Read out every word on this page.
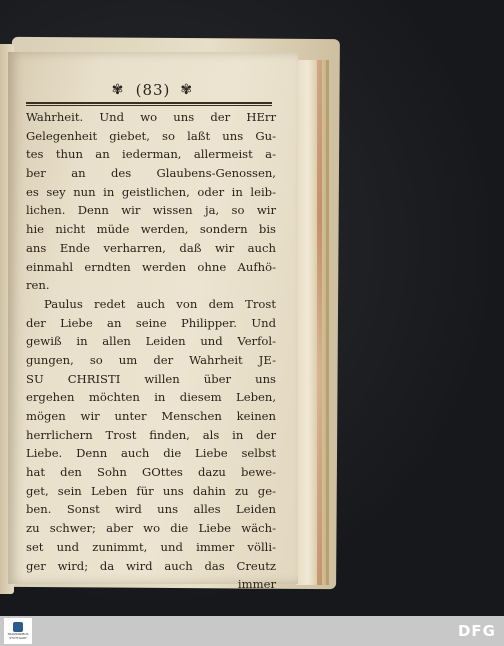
✾ (83) ✾
Wahrheit. Und wo uns der HErr
Gelegenheit giebet, so laßt uns Gu-
tes thun an iederman, allermeist a-
ber an des Glaubens-Genossen,
es sey nun in geistlichen, oder in leib-
lichen. Denn wir wissen ja, so wir
hie nicht müde werden, sondern bis
ans Ende verharren, daß wir auch
einmahl erndten werden ohne Aufhö-
ren.
Paulus redet auch von dem Trost
der Liebe an seine Philipper. Und
gewiß in allen Leiden und Verfol-
gungen, so um der Wahrheit JE-
SU CHRISTI willen über uns
ergehen möchten in diesem Leben,
mögen wir unter Menschen keinen
herrlichern Trost finden, als in der
Liebe. Denn auch die Liebe selbst
hat den Sohn GOttes dazu bewe-
get, sein Leben für uns dahin zu ge-
ben. Sonst wird uns alles Leiden
zu schwer; aber wo die Liebe wäch-
set und zunimmt, und immer völli-
ger wird; da wird auch das Creutz
immer
TRANSKRIBUS STUTTGART	DFG
